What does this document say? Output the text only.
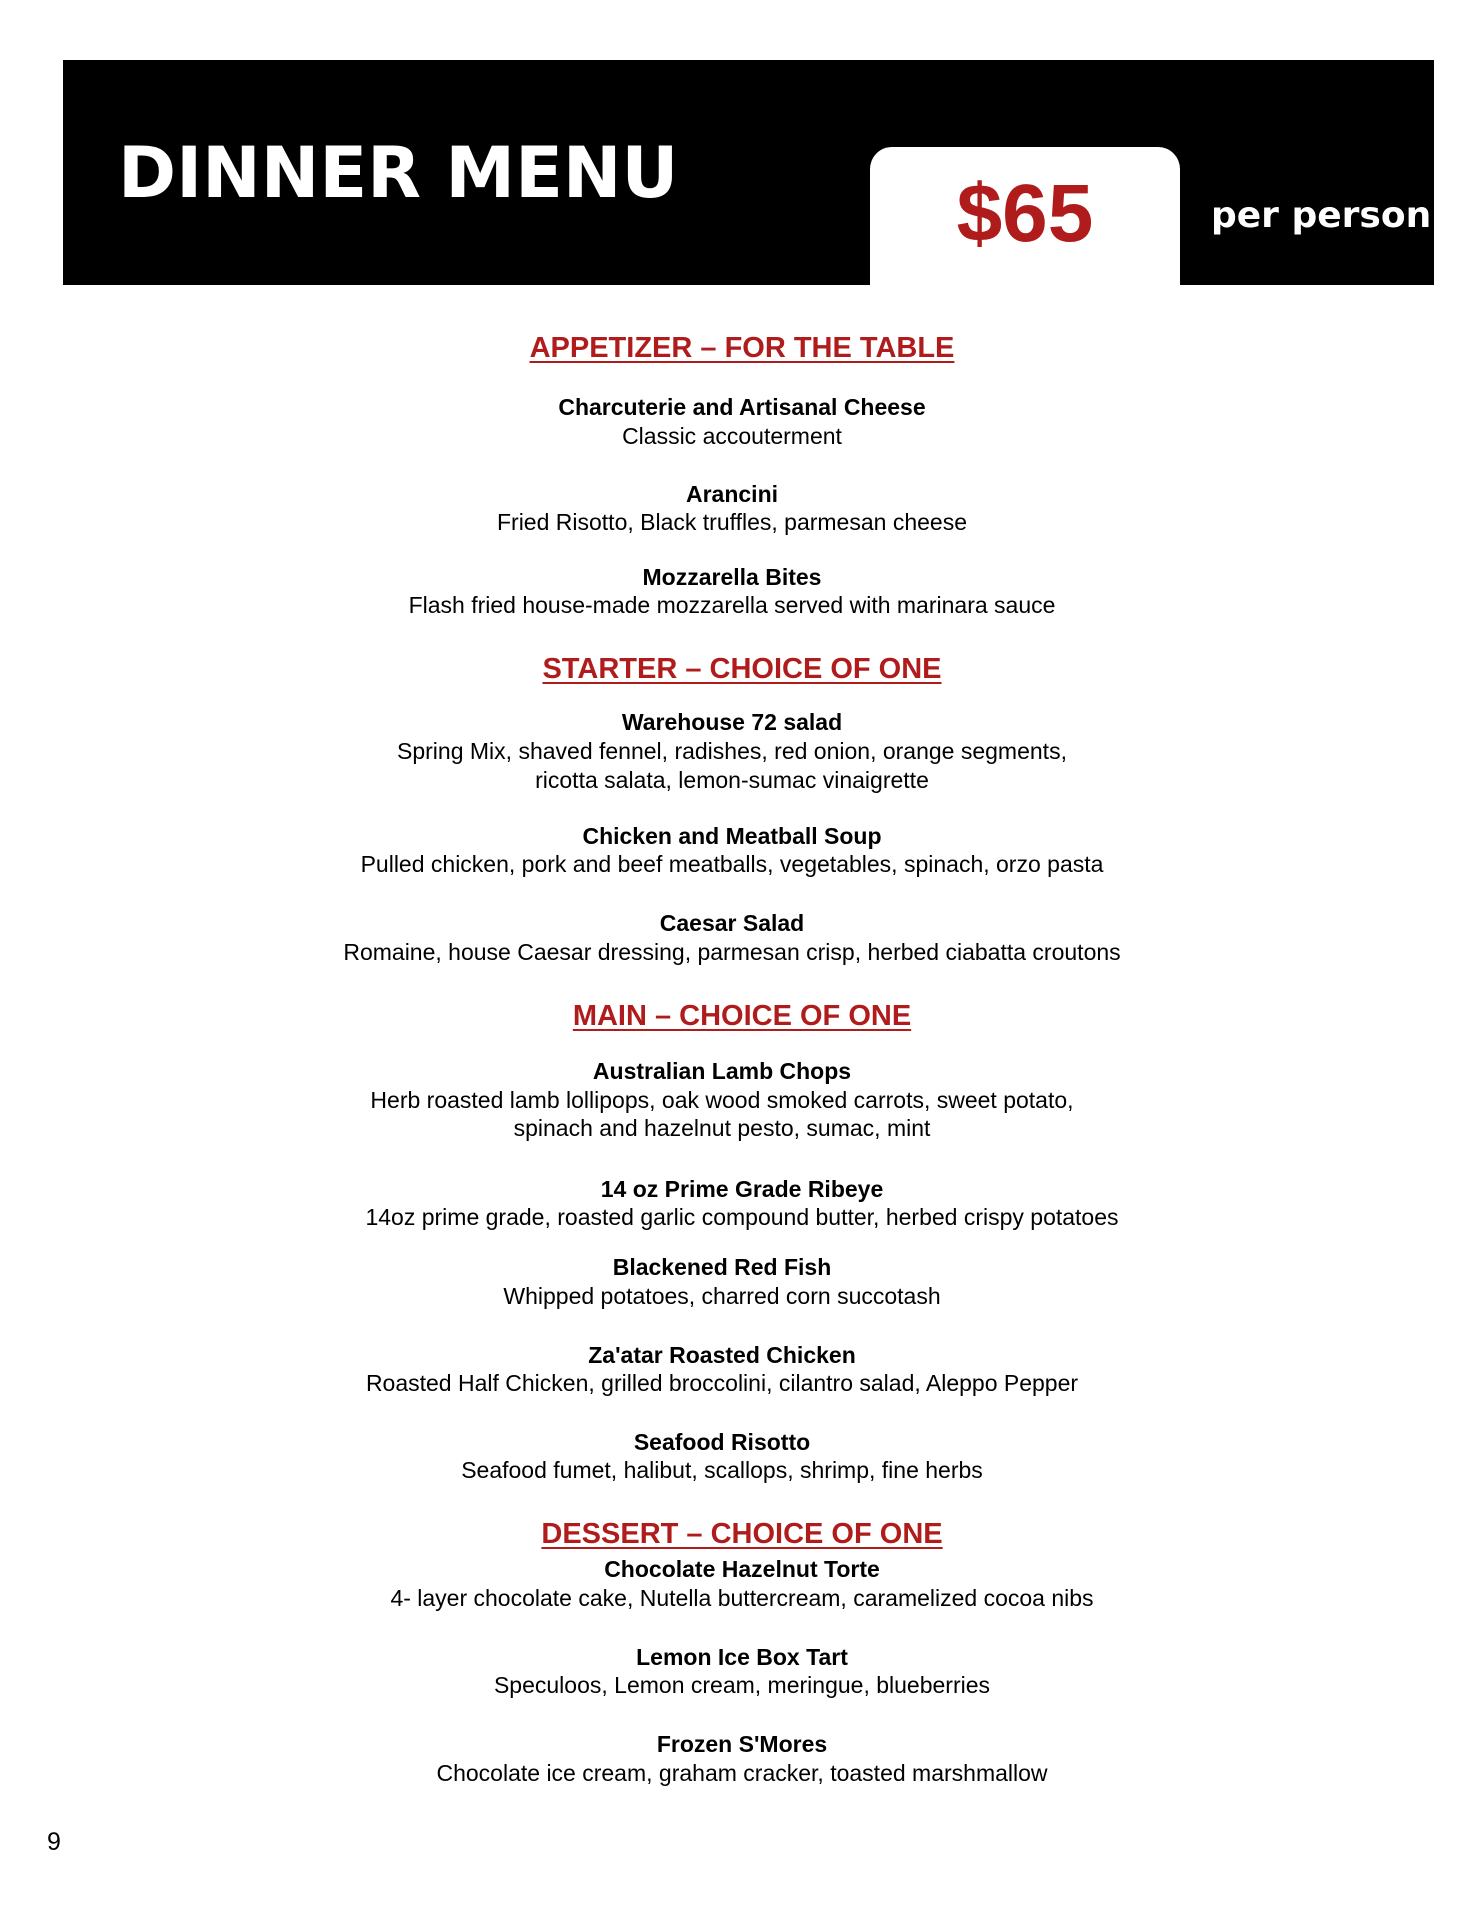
DINNER MENU	$65	per person
APPETIZER – FOR THE TABLE
Charcuterie and Artisanal Cheese
Classic accouterment
Arancini
Fried Risotto, Black truffles, parmesan cheese
Mozzarella Bites
Flash fried house-made mozzarella served with marinara sauce
STARTER – CHOICE OF ONE
Warehouse 72 salad
Spring Mix, shaved fennel, radishes, red onion, orange segments,
ricotta salata, lemon-sumac vinaigrette
Chicken and Meatball Soup
Pulled chicken, pork and beef meatballs, vegetables, spinach, orzo pasta
Caesar Salad
Romaine, house Caesar dressing, parmesan crisp, herbed ciabatta croutons
MAIN – CHOICE OF ONE
Australian Lamb Chops
Herb roasted lamb lollipops, oak wood smoked carrots, sweet potato,
spinach and hazelnut pesto, sumac, mint
14 oz Prime Grade Ribeye
14oz prime grade, roasted garlic compound butter, herbed crispy potatoes
Blackened Red Fish
Whipped potatoes, charred corn succotash
Za'atar Roasted Chicken
Roasted Half Chicken, grilled broccolini, cilantro salad, Aleppo Pepper
Seafood Risotto
Seafood fumet, halibut, scallops, shrimp, fine herbs
DESSERT – CHOICE OF ONE
Chocolate Hazelnut Torte
4- layer chocolate cake, Nutella buttercream, caramelized cocoa nibs
Lemon Ice Box Tart
Speculoos, Lemon cream, meringue, blueberries
Frozen S'Mores
Chocolate ice cream, graham cracker, toasted marshmallow
9
